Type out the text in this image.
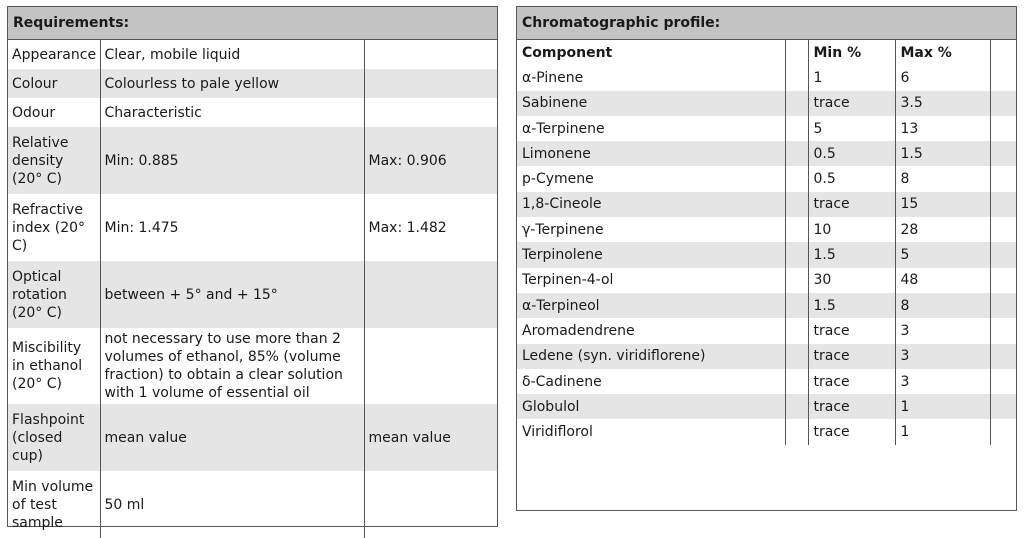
Requirements:
Appearance	Clear, mobile liquid	
Colour	Colourless to pale yellow	
Odour	Characteristic	
Relative density (20° C)	Min: 0.885	Max: 0.906
Refractive index (20° C)	Min: 1.475	Max: 1.482
Optical rotation (20° C)	between + 5° and + 15°	
Miscibility in ethanol (20° C)	not necessary to use more than 2 volumes of ethanol, 85% (volume fraction) to obtain a clear solution with 1 volume of essential oil	
Flashpoint (closed cup)	mean value	mean value
Min volume of test sample	50 ml	
Chromatographic profile:
Component		Min %	Max %	
α-Pinene		1	6	
Sabinene		trace	3.5	
α-Terpinene		5	13	
Limonene		0.5	1.5	
p-Cymene		0.5	8	
1,8-Cineole		trace	15	
γ-Terpinene		10	28	
Terpinolene		1.5	5	
Terpinen-4-ol		30	48	
α-Terpineol		1.5	8	
Aromadendrene		trace	3	
Ledene (syn. viridiflorene)		trace	3	
δ-Cadinene		trace	3	
Globulol		trace	1	
Viridiflorol		trace	1	
